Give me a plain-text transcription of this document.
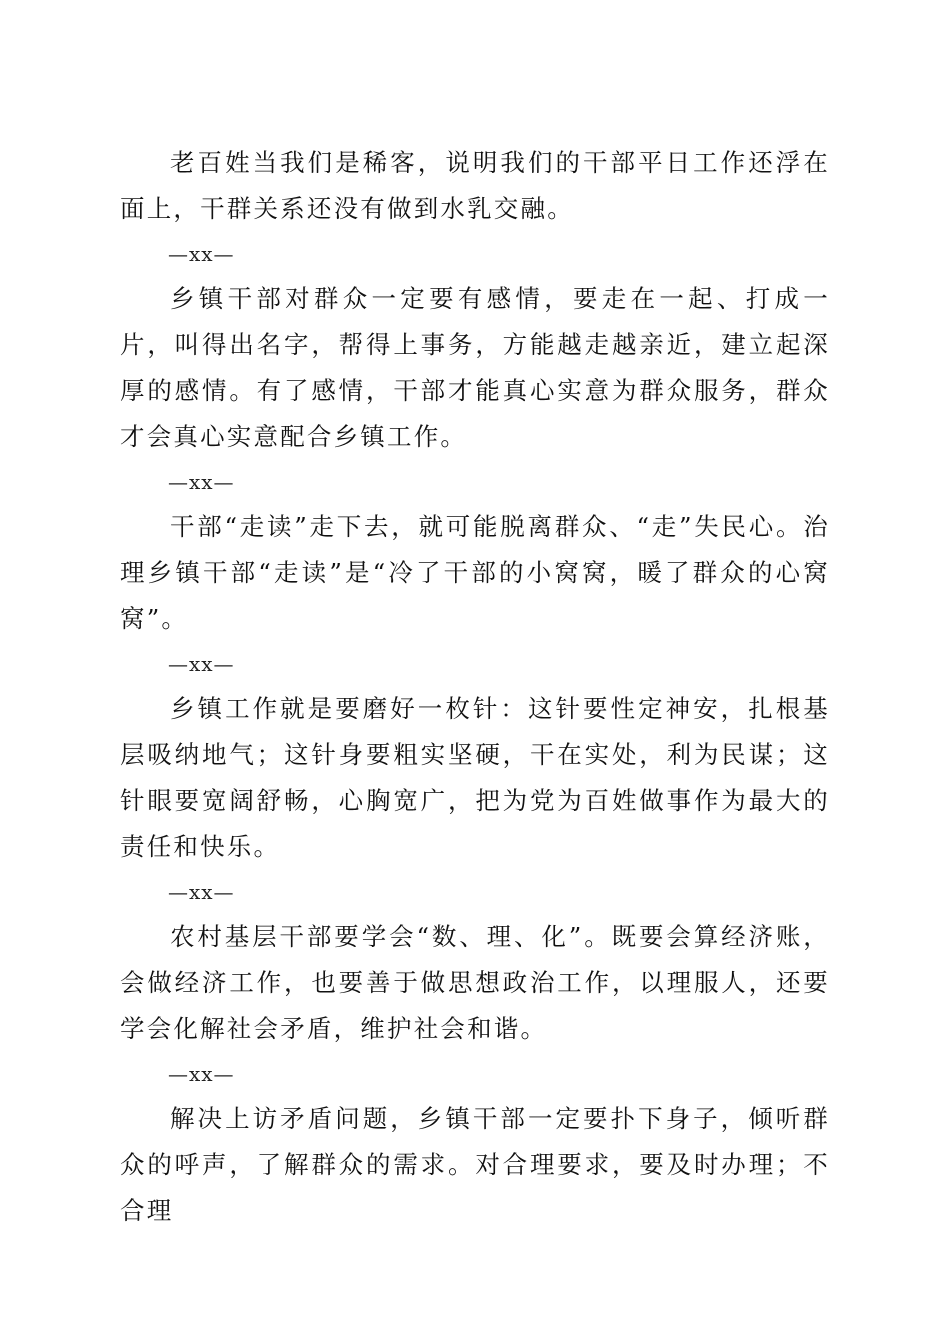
老百姓当我们是稀客，说明我们的干部平日工作还浮在面上，干群关系还没有做到水乳交融。

—xx—

乡镇干部对群众一定要有感情，要走在一起、打成一片，叫得出名字，帮得上事务，方能越走越亲近，建立起深厚的感情。有了感情，干部才能真心实意为群众服务，群众才会真心实意配合乡镇工作。

—xx—

干部“走读”走下去，就可能脱离群众、“走”失民心。治理乡镇干部“走读”是“冷了干部的小窝窝，暖了群众的心窝窝”。

—xx—

乡镇工作就是要磨好一枚针：这针要性定神安，扎根基层吸纳地气；这针身要粗实坚硬，干在实处，利为民谋；这针眼要宽阔舒畅，心胸宽广，把为党为百姓做事作为最大的责任和快乐。

—xx—

农村基层干部要学会“数、理、化”。既要会算经济账，会做经济工作，也要善于做思想政治工作，以理服人，还要学会化解社会矛盾，维护社会和谐。

—xx—

解决上访矛盾问题，乡镇干部一定要扑下身子，倾听群众的呼声，了解群众的需求。对合理要求，要及时办理；不合理
